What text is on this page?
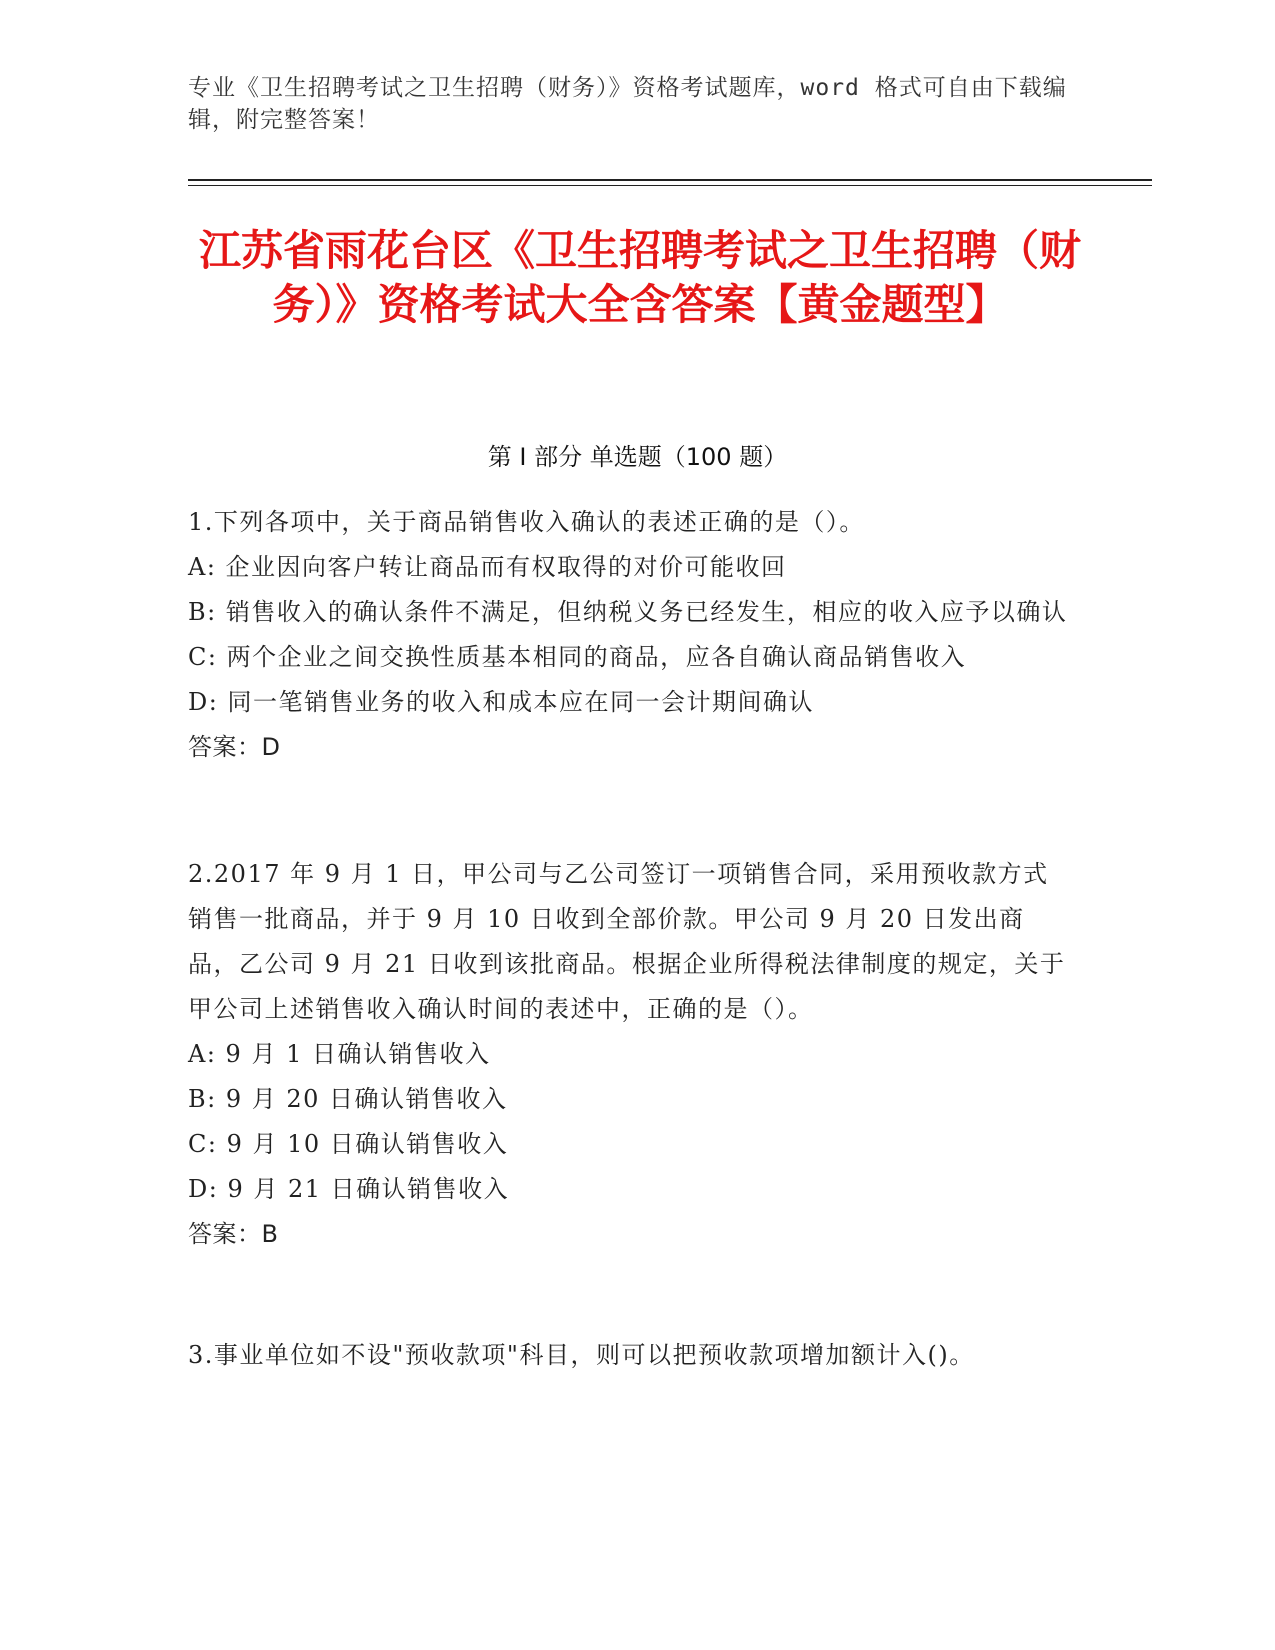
专业《卫生招聘考试之卫生招聘（财务）》资格考试题库，word 格式可自由下载编辑，附完整答案！
江苏省雨花台区《卫生招聘考试之卫生招聘（财务）》资格考试大全含答案【黄金题型】
第 I 部分 单选题（100 题）

1.下列各项中，关于商品销售收入确认的表述正确的是（）。

A: 企业因向客户转让商品而有权取得的对价可能收回

B: 销售收入的确认条件不满足，但纳税义务已经发生，相应的收入应予以确认

C: 两个企业之间交换性质基本相同的商品，应各自确认商品销售收入

D: 同一笔销售业务的收入和成本应在同一会计期间确认

答案：D

2.2017 年 9 月 1 日，甲公司与乙公司签订一项销售合同，采用预收款方式销售一批商品，并于 9 月 10 日收到全部价款。甲公司 9 月 20 日发出商品，乙公司 9 月 21 日收到该批商品。根据企业所得税法律制度的规定，关于甲公司上述销售收入确认时间的表述中，正确的是（）。

A: 9 月 1 日确认销售收入

B: 9 月 20 日确认销售收入

C: 9 月 10 日确认销售收入

D: 9 月 21 日确认销售收入

答案：B

3.事业单位如不设"预收款项"科目，则可以把预收款项增加额计入()。
